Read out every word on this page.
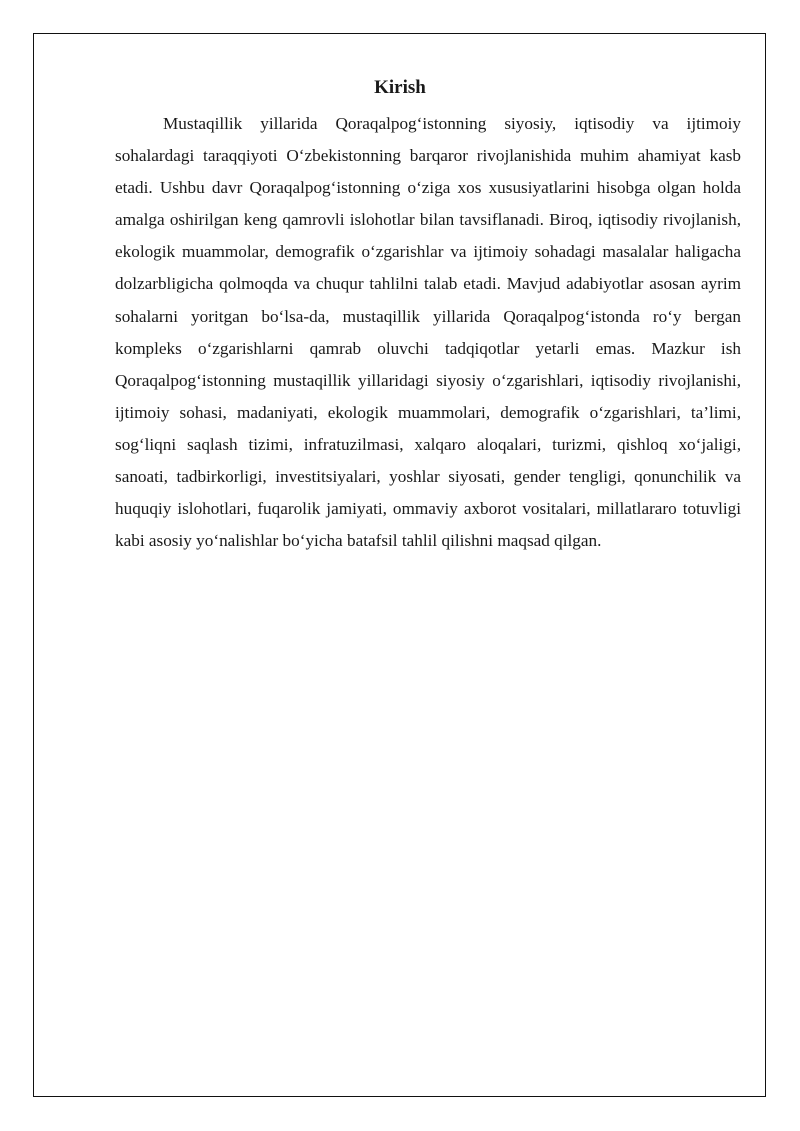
Kirish

Mustaqillik yillarida Qoraqalpog‘istonning siyosiy, iqtisodiy va ijtimoiy sohalardagi taraqqiyoti O‘zbekistonning barqaror rivojlanishida muhim ahamiyat kasb etadi. Ushbu davr Qoraqalpog‘istonning o‘ziga xos xususiyatlarini hisobga olgan holda amalga oshirilgan keng qamrovli islohotlar bilan tavsiflanadi. Biroq, iqtisodiy rivojlanish, ekologik muammolar, demografik o‘zgarishlar va ijtimoiy sohadagi masalalar haligacha dolzarbligicha qolmoqda va chuqur tahlilni talab etadi. Mavjud adabiyotlar asosan ayrim sohalarni yoritgan bo‘lsa-da, mustaqillik yillarida Qoraqalpog‘istonda ro‘y bergan kompleks o‘zgarishlarni qamrab oluvchi tadqiqotlar yetarli emas. Mazkur ish Qoraqalpog‘istonning mustaqillik yillaridagi siyosiy o‘zgarishlari, iqtisodiy rivojlanishi, ijtimoiy sohasi, madaniyati, ekologik muammolari, demografik o‘zgarishlari, ta’limi, sog‘liqni saqlash tizimi, infratuzilmasi, xalqaro aloqalari, turizmi, qishloq xo‘jaligi, sanoati, tadbirkorligi, investitsiyalari, yoshlar siyosati, gender tengligi, qonunchilik va huquqiy islohotlari, fuqarolik jamiyati, ommaviy axborot vositalari, millatlararo totuvligi kabi asosiy yo‘nalishlar bo‘yicha batafsil tahlil qilishni maqsad qilgan.
